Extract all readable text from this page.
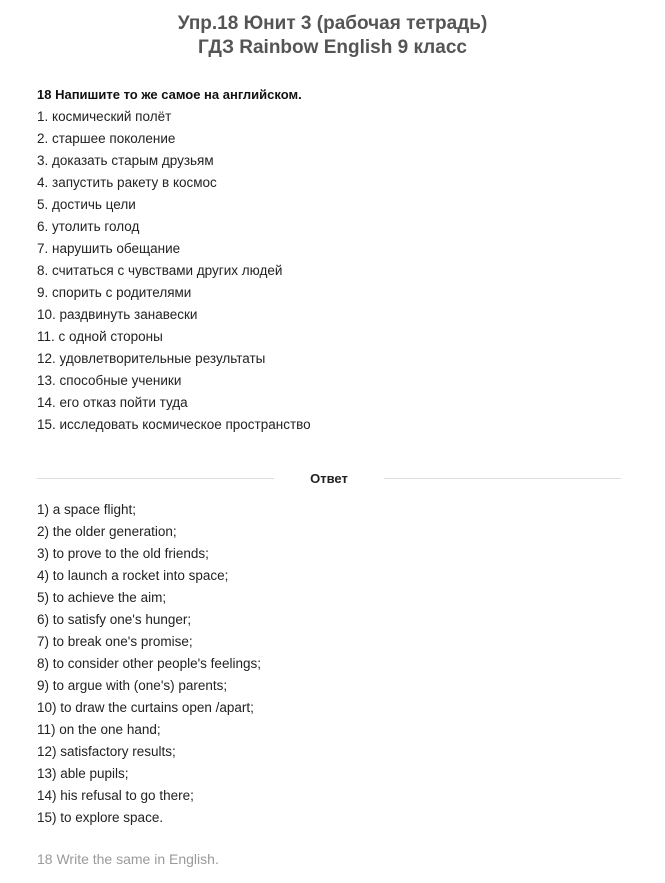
Упр.18 Юнит 3 (рабочая тетрадь)
ГДЗ Rainbow English 9 класс
18 Напишите то же самое на английском.
1. космический полёт
2. старшее поколение
3. доказать старым друзьям
4. запустить ракету в космос
5. достичь цели
6. утолить голод
7. нарушить обещание
8. считаться с чувствами других людей
9. спорить с родителями
10. раздвинуть занавески
11. с одной стороны
12. удовлетворительные результаты
13. способные ученики
14. его отказ пойти туда
15. исследовать космическое пространство
Ответ
1) a space flight;
2) the older generation;
3) to prove to the old friends;
4) to launch a rocket into space;
5) to achieve the aim;
6) to satisfy one's hunger;
7) to break one's promise;
8) to consider other people's feelings;
9) to argue with (one's) parents;
10) to draw the curtains open /apart;
11) on the one hand;
12) satisfactory results;
13) able pupils;
14) his refusal to go there;
15) to explore space.
18 Write the same in English.
